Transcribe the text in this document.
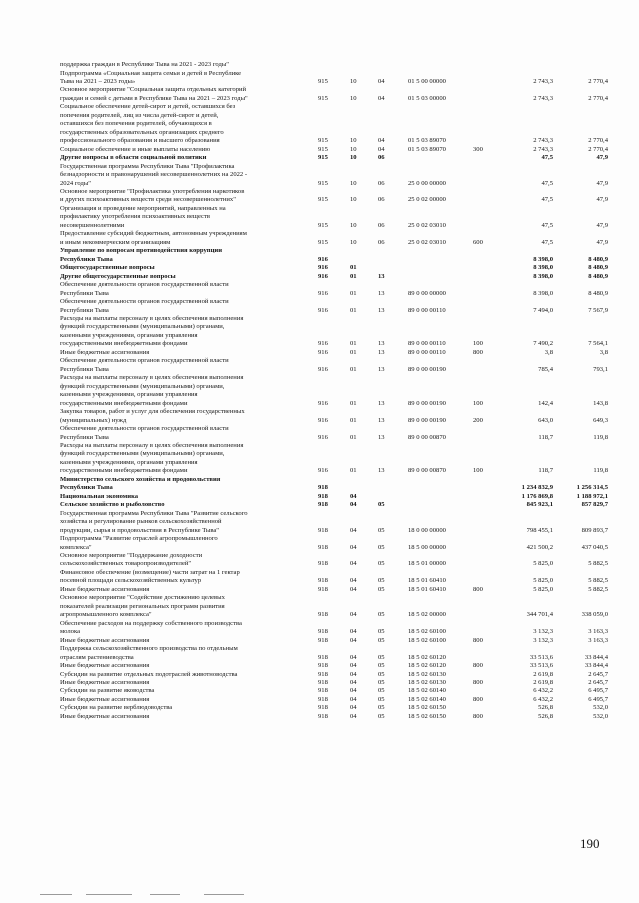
поддержка граждан в Республике Тыва на 2021 - 2023 годы"
Подпрограмма «Социальная защита семьи и детей в Республике
Тыва на 2021 – 2023 годы»	915	10	04	01 5 00 00000	2 743,3	2 770,4
Основное мероприятие "Социальная защита отдельных категорий
граждан и семей с детьми в Республике Тыва на 2021 – 2023 годы"	915	10	04	01 5 03 00000	2 743,3	2 770,4
Социальное обеспечение детей-сирот и детей, оставшихся без
попечения родителей, лиц из числа детей-сирот и детей,
оставшихся без попечения родителей, обучающихся в
государственных образовательных организациях среднего
профессионального образования и высшего образования	915	10	04	01 5 03 89070	2 743,3	2 770,4
Социальное обеспечение и иные выплаты населению	915	10	04	01 5 03 89070	300	2 743,3	2 770,4
Другие вопросы в области социальной политики	915	10	06	47,5	47,9
Государственная программа Республики Тыва "Профилактика
безнадзорности и правонарушений несовершеннолетних на 2022 -
2024 годы"	915	10	06	25 0 00 00000	47,5	47,9
Основное мероприятие "Профилактика употребления наркотиков
и других психоактивных веществ среди несовершеннолетних"	915	10	06	25 0 02 00000	47,5	47,9
Организация и проведение мероприятий, направленных на
профилактику употребления психоактивных веществ
несовершеннолетними	915	10	06	25 0 02 03010	47,5	47,9
Предоставление субсидий бюджетным, автономным учреждениям
и иным некоммерческим организациям	915	10	06	25 0 02 03010	600	47,5	47,9
Управление по вопросам противодействия коррупции
Республики Тыва	916	8 398,0	8 480,9
Общегосударственные вопросы	916	01	8 398,0	8 480,9
Другие общегосударственные вопросы	916	01	13	8 398,0	8 480,9
Обеспечение деятельности органов государственной власти
Республики Тыва	916	01	13	89 0 00 00000	8 398,0	8 480,9
Обеспечение деятельности органов государственной власти
Республики Тыва	916	01	13	89 0 00 00110	7 494,0	7 567,9
Расходы на выплаты персоналу в целях обеспечения выполнения
функций государственными (муниципальными) органами,
казенными учреждениями, органами управления
государственными внебюджетными фондами	916	01	13	89 0 00 00110	100	7 490,2	7 564,1
Иные бюджетные ассигнования	916	01	13	89 0 00 00110	800	3,8	3,8
Обеспечение деятельности органов государственной власти
Республики Тыва	916	01	13	89 0 00 00190	785,4	793,1
Расходы на выплаты персоналу в целях обеспечения выполнения
функций государственными (муниципальными) органами,
казенными учреждениями, органами управления
государственными внебюджетными фондами	916	01	13	89 0 00 00190	100	142,4	143,8
Закупка товаров, работ и услуг для обеспечения государственных
(муниципальных) нужд	916	01	13	89 0 00 00190	200	643,0	649,3
Обеспечение деятельности органов государственной власти
Республики Тыва	916	01	13	89 0 00 00870	118,7	119,8
Расходы на выплаты персоналу в целях обеспечения выполнения
функций государственными (муниципальными) органами,
казенными учреждениями, органами управления
государственными внебюджетными фондами	916	01	13	89 0 00 00870	100	118,7	119,8
Министерство сельского хозяйства и продовольствия
Республики Тыва	918	1 234 832,9	1 256 314,5
Национальная экономика	918	04	1 176 869,8	1 188 972,1
Сельское хозяйство и рыболовство	918	04	05	845 923,1	857 829,7
Государственная программа Республики Тыва "Развитие сельского
хозяйства и регулирование рынков сельскохозяйственной
продукции, сырья и продовольствия в Республике Тыва"	918	04	05	18 0 00 00000	798 455,1	809 893,7
Подпрограмма "Развитие отраслей агропромышленного
комплекса"	918	04	05	18 5 00 00000	421 500,2	437 040,5
Основное мероприятие "Поддержание доходности
сельскохозяйственных товаропроизводителей"	918	04	05	18 5 01 00000	5 825,0	5 882,5
Финансовое обеспечение (возмещение) части затрат на 1 гектар
посевной площади сельскохозяйственных культур	918	04	05	18 5 01 60410	5 825,0	5 882,5
Иные бюджетные ассигнования	918	04	05	18 5 01 60410	800	5 825,0	5 882,5
Основное мероприятие "Содействие достижению целевых
показателей реализации региональных программ развития
агропромышленного комплекса"	918	04	05	18 5 02 00000	344 701,4	338 059,0
Обеспечение расходов на поддержку собственного производства
молока	918	04	05	18 5 02 60100	3 132,3	3 163,3
Иные бюджетные ассигнования	918	04	05	18 5 02 60100	800	3 132,3	3 163,3
Поддержка сельскохозяйственного производства по отдельным
отраслям растениеводства	918	04	05	18 5 02 60120	33 513,6	33 844,4
Иные бюджетные ассигнования	918	04	05	18 5 02 60120	800	33 513,6	33 844,4
Субсидии на развитие отдельных подотраслей животноводства	918	04	05	18 5 02 60130	2 619,8	2 645,7
Иные бюджетные ассигнования	918	04	05	18 5 02 60130	800	2 619,8	2 645,7
Субсидии на развитие яководства	918	04	05	18 5 02 60140	6 432,2	6 495,7
Иные бюджетные ассигнования	918	04	05	18 5 02 60140	800	6 432,2	6 495,7
Субсидии на развитие верблюдоводства	918	04	05	18 5 02 60150	526,8	532,0
Иные бюджетные ассигнования	918	04	05	18 5 02 60150	800	526,8	532,0
190
